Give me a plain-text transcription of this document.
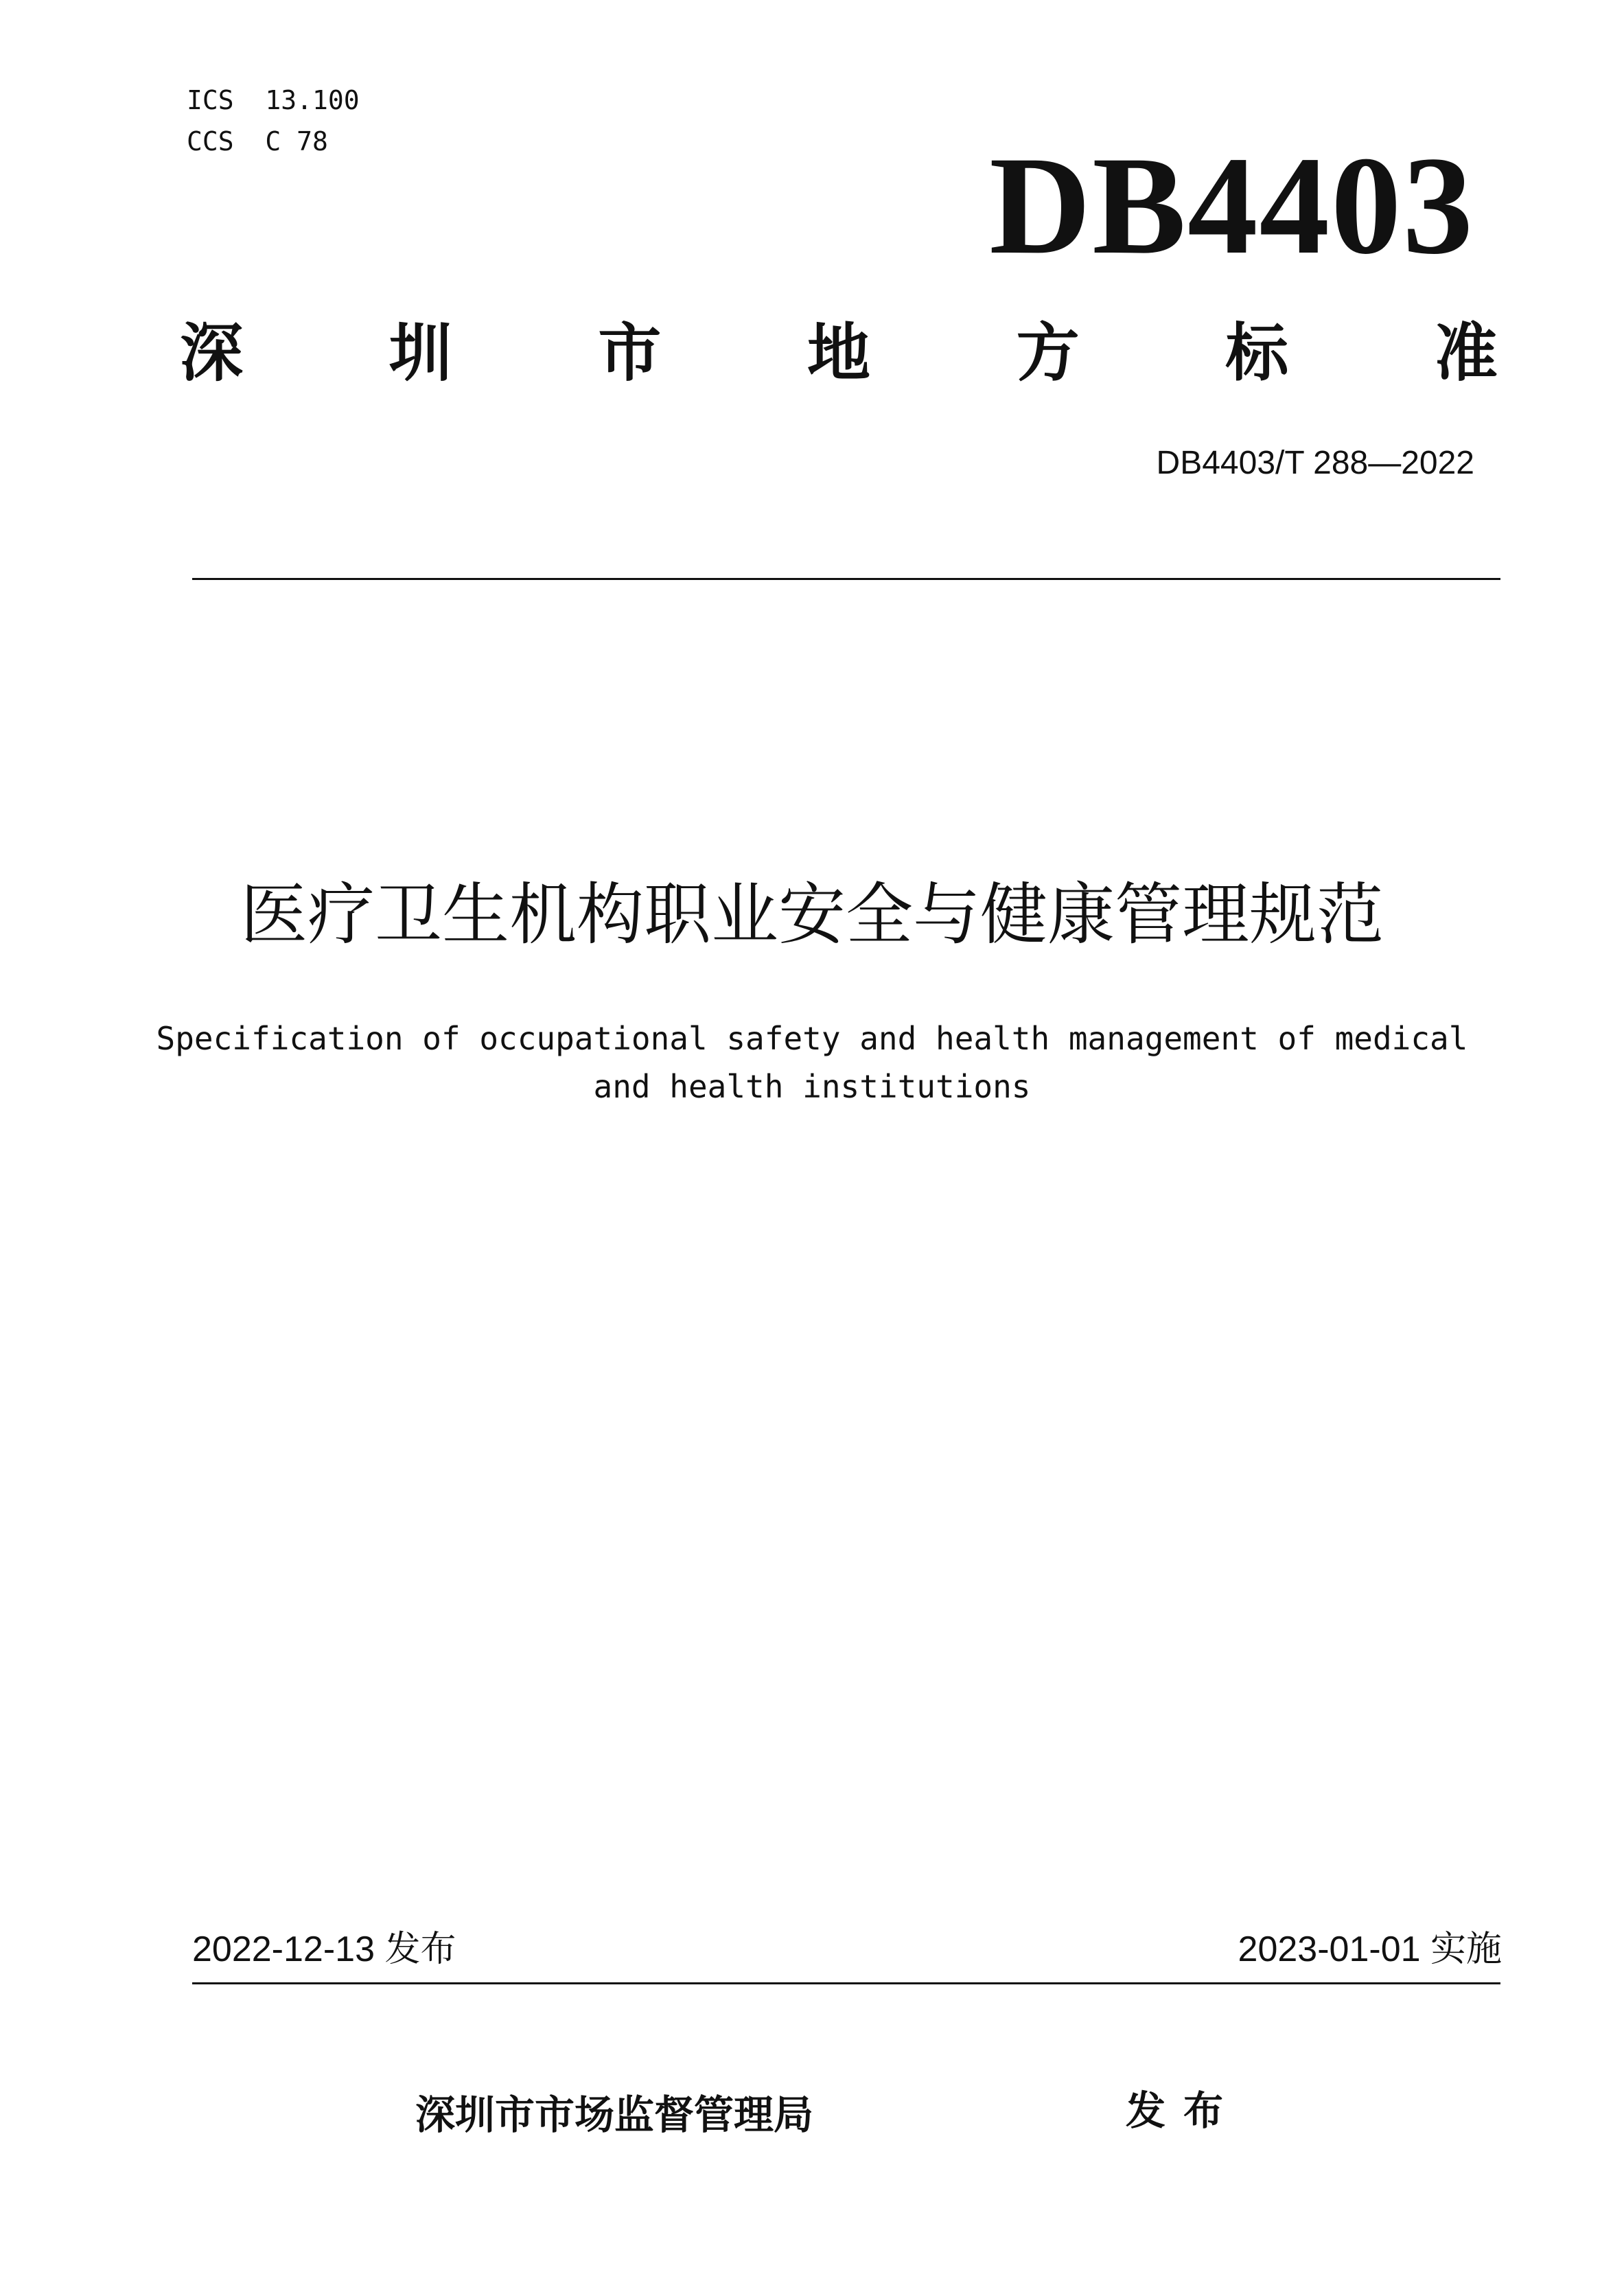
ICS  13.100
CCS  C 78	DB4403
深 圳 市 地 方 标 准
DB4403/T 288—2022
医疗卫生机构职业安全与健康管理规范
Specification of occupational safety and health management of medical
and health institutions
2022-12-13 发布	2023-01-01 实施
深圳市市场监督管理局	发布
